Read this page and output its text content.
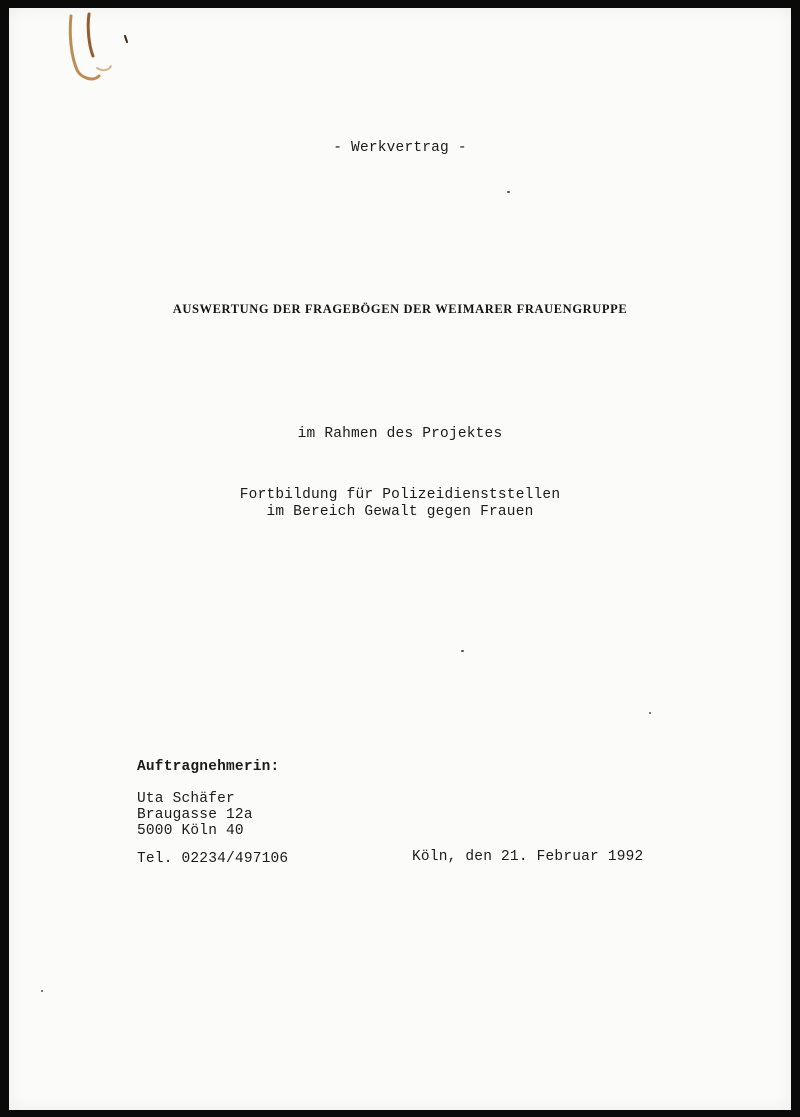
- Werkvertrag -
AUSWERTUNG DER FRAGEBÖGEN DER WEIMARER FRAUENGRUPPE
im Rahmen des Projektes
Fortbildung für Polizeidienststellen
im Bereich Gewalt gegen Frauen
Auftragnehmerin:
Uta Schäfer
Braugasse 12a
5000 Köln 40
Tel. 02234/497106	Köln, den 21. Februar 1992
